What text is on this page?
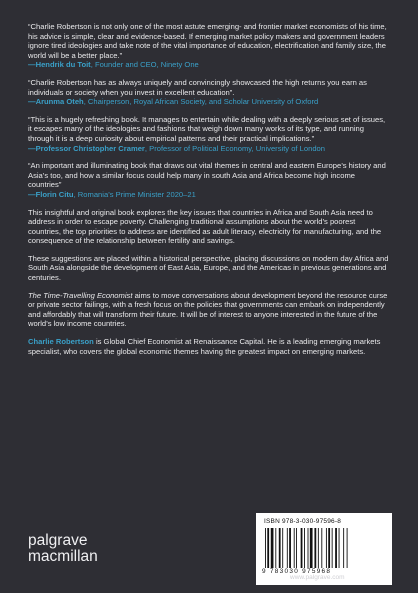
“Charlie Robertson is not only one of the most astute emerging- and frontier market economists of his time, his advice is simple, clear and evidence-based. If emerging market policy makers and government leaders ignore tired ideologies and take note of the vital importance of education, electrification and family size, the world will be a better place.”
—Hendrik du Toit, Founder and CEO, Ninety One

“Charlie Robertson has as always uniquely and convincingly showcased the high returns you earn as individuals or society when you invest in excellent education”.
—Arunma Oteh, Chairperson, Royal African Society, and Scholar University of Oxford

“This is a hugely refreshing book. It manages to entertain while dealing with a deeply serious set of issues, it escapes many of the ideologies and fashions that weigh down many works of its type, and running through it is a deep curiosity about empirical patterns and their practical implications.”
—Professor Christopher Cramer, Professor of Political Economy, University of London

“An important and illuminating book that draws out vital themes in central and eastern Europe’s history and Asia’s too, and how a similar focus could help many in south Asia and Africa become high income countries”
—Florin Citu, Romania’s Prime Minister 2020–21

This insightful and original book explores the key issues that countries in Africa and South Asia need to address in order to escape poverty. Challenging traditional assumptions about the world’s poorest countries, the top priorities to address are identified as adult literacy, electricity for manufacturing, and the consequence of the relationship between fertility and savings.

These suggestions are placed within a historical perspective, placing discussions on modern day Africa and South Asia alongside the development of East Asia, Europe, and the Americas in previous generations and centuries.

The Time-Travelling Economist aims to move conversations about development beyond the resource curse or private sector failings, with a fresh focus on the policies that governments can embark on independently and affordably that will transform their future. It will be of interest to anyone interested in the future of the world’s low income countries.

Charlie Robertson is Global Chief Economist at Renaissance Capital. He is a leading emerging markets specialist, who covers the global economic themes having the greatest impact on emerging markets.

palgrave
macmillan
ISBN 978-3-030-97596-8
9 783030 975968
www.palgrave.com
